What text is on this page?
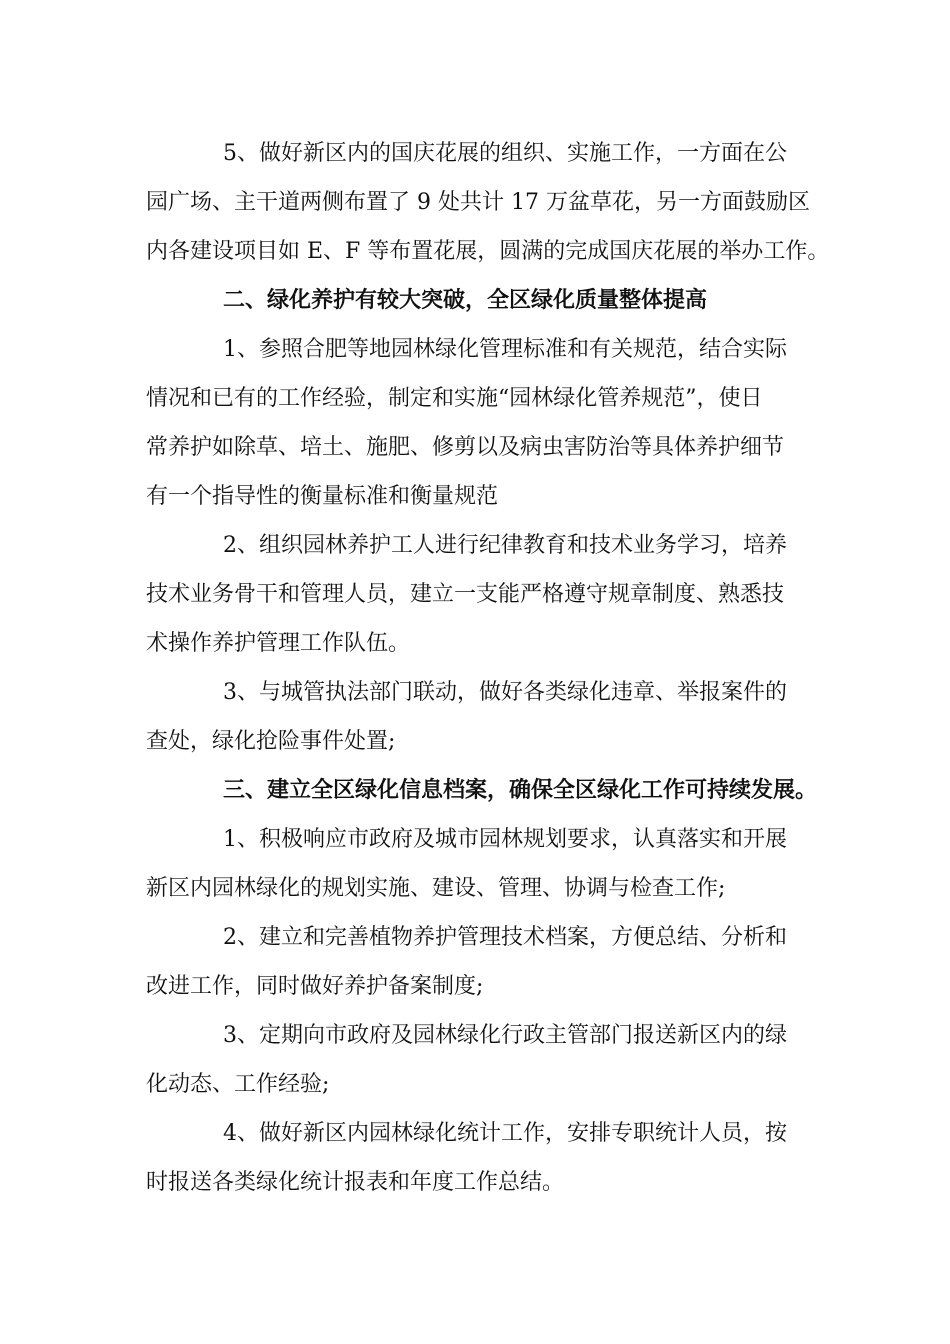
5、做好新区内的国庆花展的组织、实施工作，一方面在公
园广场、主干道两侧布置了 9 处共计 17 万盆草花，另一方面鼓励区
内各建设项目如 E、F 等布置花展，圆满的完成国庆花展的举办工作。
二、绿化养护有较大突破，全区绿化质量整体提高
1、参照合肥等地园林绿化管理标准和有关规范，结合实际
情况和已有的工作经验，制定和实施“园林绿化管养规范”，使日
常养护如除草、培土、施肥、修剪以及病虫害防治等具体养护细节
有一个指导性的衡量标准和衡量规范
2、组织园林养护工人进行纪律教育和技术业务学习，培养
技术业务骨干和管理人员，建立一支能严格遵守规章制度、熟悉技
术操作养护管理工作队伍。
3、与城管执法部门联动，做好各类绿化违章、举报案件的
查处，绿化抢险事件处置;
三、建立全区绿化信息档案，确保全区绿化工作可持续发展。
1、积极响应市政府及城市园林规划要求，认真落实和开展
新区内园林绿化的规划实施、建设、管理、协调与检查工作;
2、建立和完善植物养护管理技术档案，方便总结、分析和
改进工作，同时做好养护备案制度;
3、定期向市政府及园林绿化行政主管部门报送新区内的绿
化动态、工作经验;
4、做好新区内园林绿化统计工作，安排专职统计人员，按
时报送各类绿化统计报表和年度工作总结。
